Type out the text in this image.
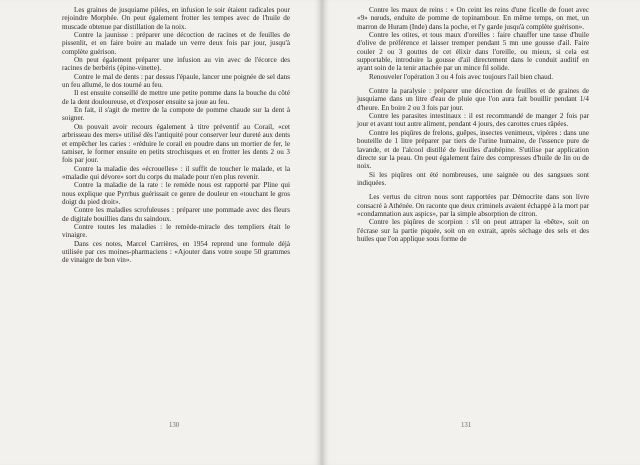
Les graines de jusquiame pilées, en infusion le soir étaient radicales pour rejoindre Morphée. On peut également frotter les tempes avec de l'huile de muscade obtenue par distillation de la noix.

Contre la jaunisse : préparer une décoction de racines et de feuilles de pissenlit, et en faire boire au malade un verre deux fois par jour, jusqu'à complète guérison.

On peut également préparer une infusion au vin avec de l'écorce des racines de berbéris (épine-vinette).

Contre le mal de dents : par dessus l'épaule, lancer une poignée de sel dans un feu allumé, le dos tourné au feu.

Il est ensuite conseillé de mettre une petite pomme dans la bouche du côté de la dent douloureuse, et d'exposer ensuite sa joue au feu.

En fait, il s'agit de mettre de la compote de pomme chaude sur la dent à soigner.

On pouvait avoir recours également à titre préventif au Corail, «cet arbrisseau des mers» utilisé dès l'antiquité pour conserver leur dureté aux dents et empêcher les caries : «réduire le corail en poudre dans un mortier de fer, le tamiser, le former ensuite en petits strochisques et en frotter les dents 2 ou 3 fois par jour.

Contre la maladie des «écrouelles» : il suffit de toucher le malade, et la «maladie qui dévore» sort du corps du malade pour n'en plus revenir.

Contre la maladie de la rate : le remède nous est rapporté par Pline qui nous explique que Pyrrhus guérissait ce genre de douleur en «touchant le gros doigt du pied droit».

Contre les maladies scrofuleuses : préparer une pommade avec des fleurs de digitale bouillies dans du saindoux.

Contre toutes les maladies : le remède-miracle des templiers était le vinaigre.

Dans ces notes, Marcel Carrières, en 1954 reprend une formule déjà utilisée par ces moines-pharmaciens : «Ajouter dans votre soupe 50 grammes de vinaigre de bon vin».

130

Contre les maux de reins : « On ceint les reins d'une ficelle de fouet avec «9» nœuds, enduite de pomme de topinambour. En même temps, on met, un marron de Huram (Inde) dans la poche, et l'y garde jusqu'à complète guérison».

Contre les otites, et tous maux d'oreilles : faire chauffer une tasse d'huile d'olive de préférence et laisser tremper pendant 5 mn une gousse d'ail. Faire couler 2 ou 3 gouttes de cet élixir dans l'oreille, ou mieux, si cela est supportable, introduire la gousse d'ail directement dans le conduit auditif en ayant soin de la tenir attachée par un mince fil solide.

Renouveler l'opération 3 ou 4 fois avec toujours l'ail bien chaud.

Contre la paralysie : préparer une décoction de feuilles et de graines de jusquiame dans un litre d'eau de pluie que l'on aura fait bouillir pendant 1/4 d'heure. En boire 2 ou 3 fois par jour.

Contre les parasites intestinaux : il est recommandé de manger 2 fois par jour et avant tout autre aliment, pendant 4 jours, des carottes crues râpées.

Contre les piqûres de frelons, guêpes, insectes venimeux, vipères : dans une bouteille de 1 litre préparer par tiers de l'urine humaine, de l'essence pure de lavande, et de l'alcool distillé de feuilles d'aubépine. S'utilise par application directe sur la peau. On peut également faire des compresses d'huile de lin ou de noix.

Si les piqûres ont été nombreuses, une saignée ou des sangsues sont indiquées.

Les vertus du citron nous sont rapportées par Démocrite dans son livre consacré à Athénée. On raconte que deux criminels avaient échappé à la mort par «condamnation aux aspics», par la simple absorption de citron.

Contre les piqûres de scorpion : s'il on peut attraper la «bête», soit on l'écrase sur la partie piquée, soit on en extrait, après séchage des sels et des huiles que l'on applique sous forme de

131
